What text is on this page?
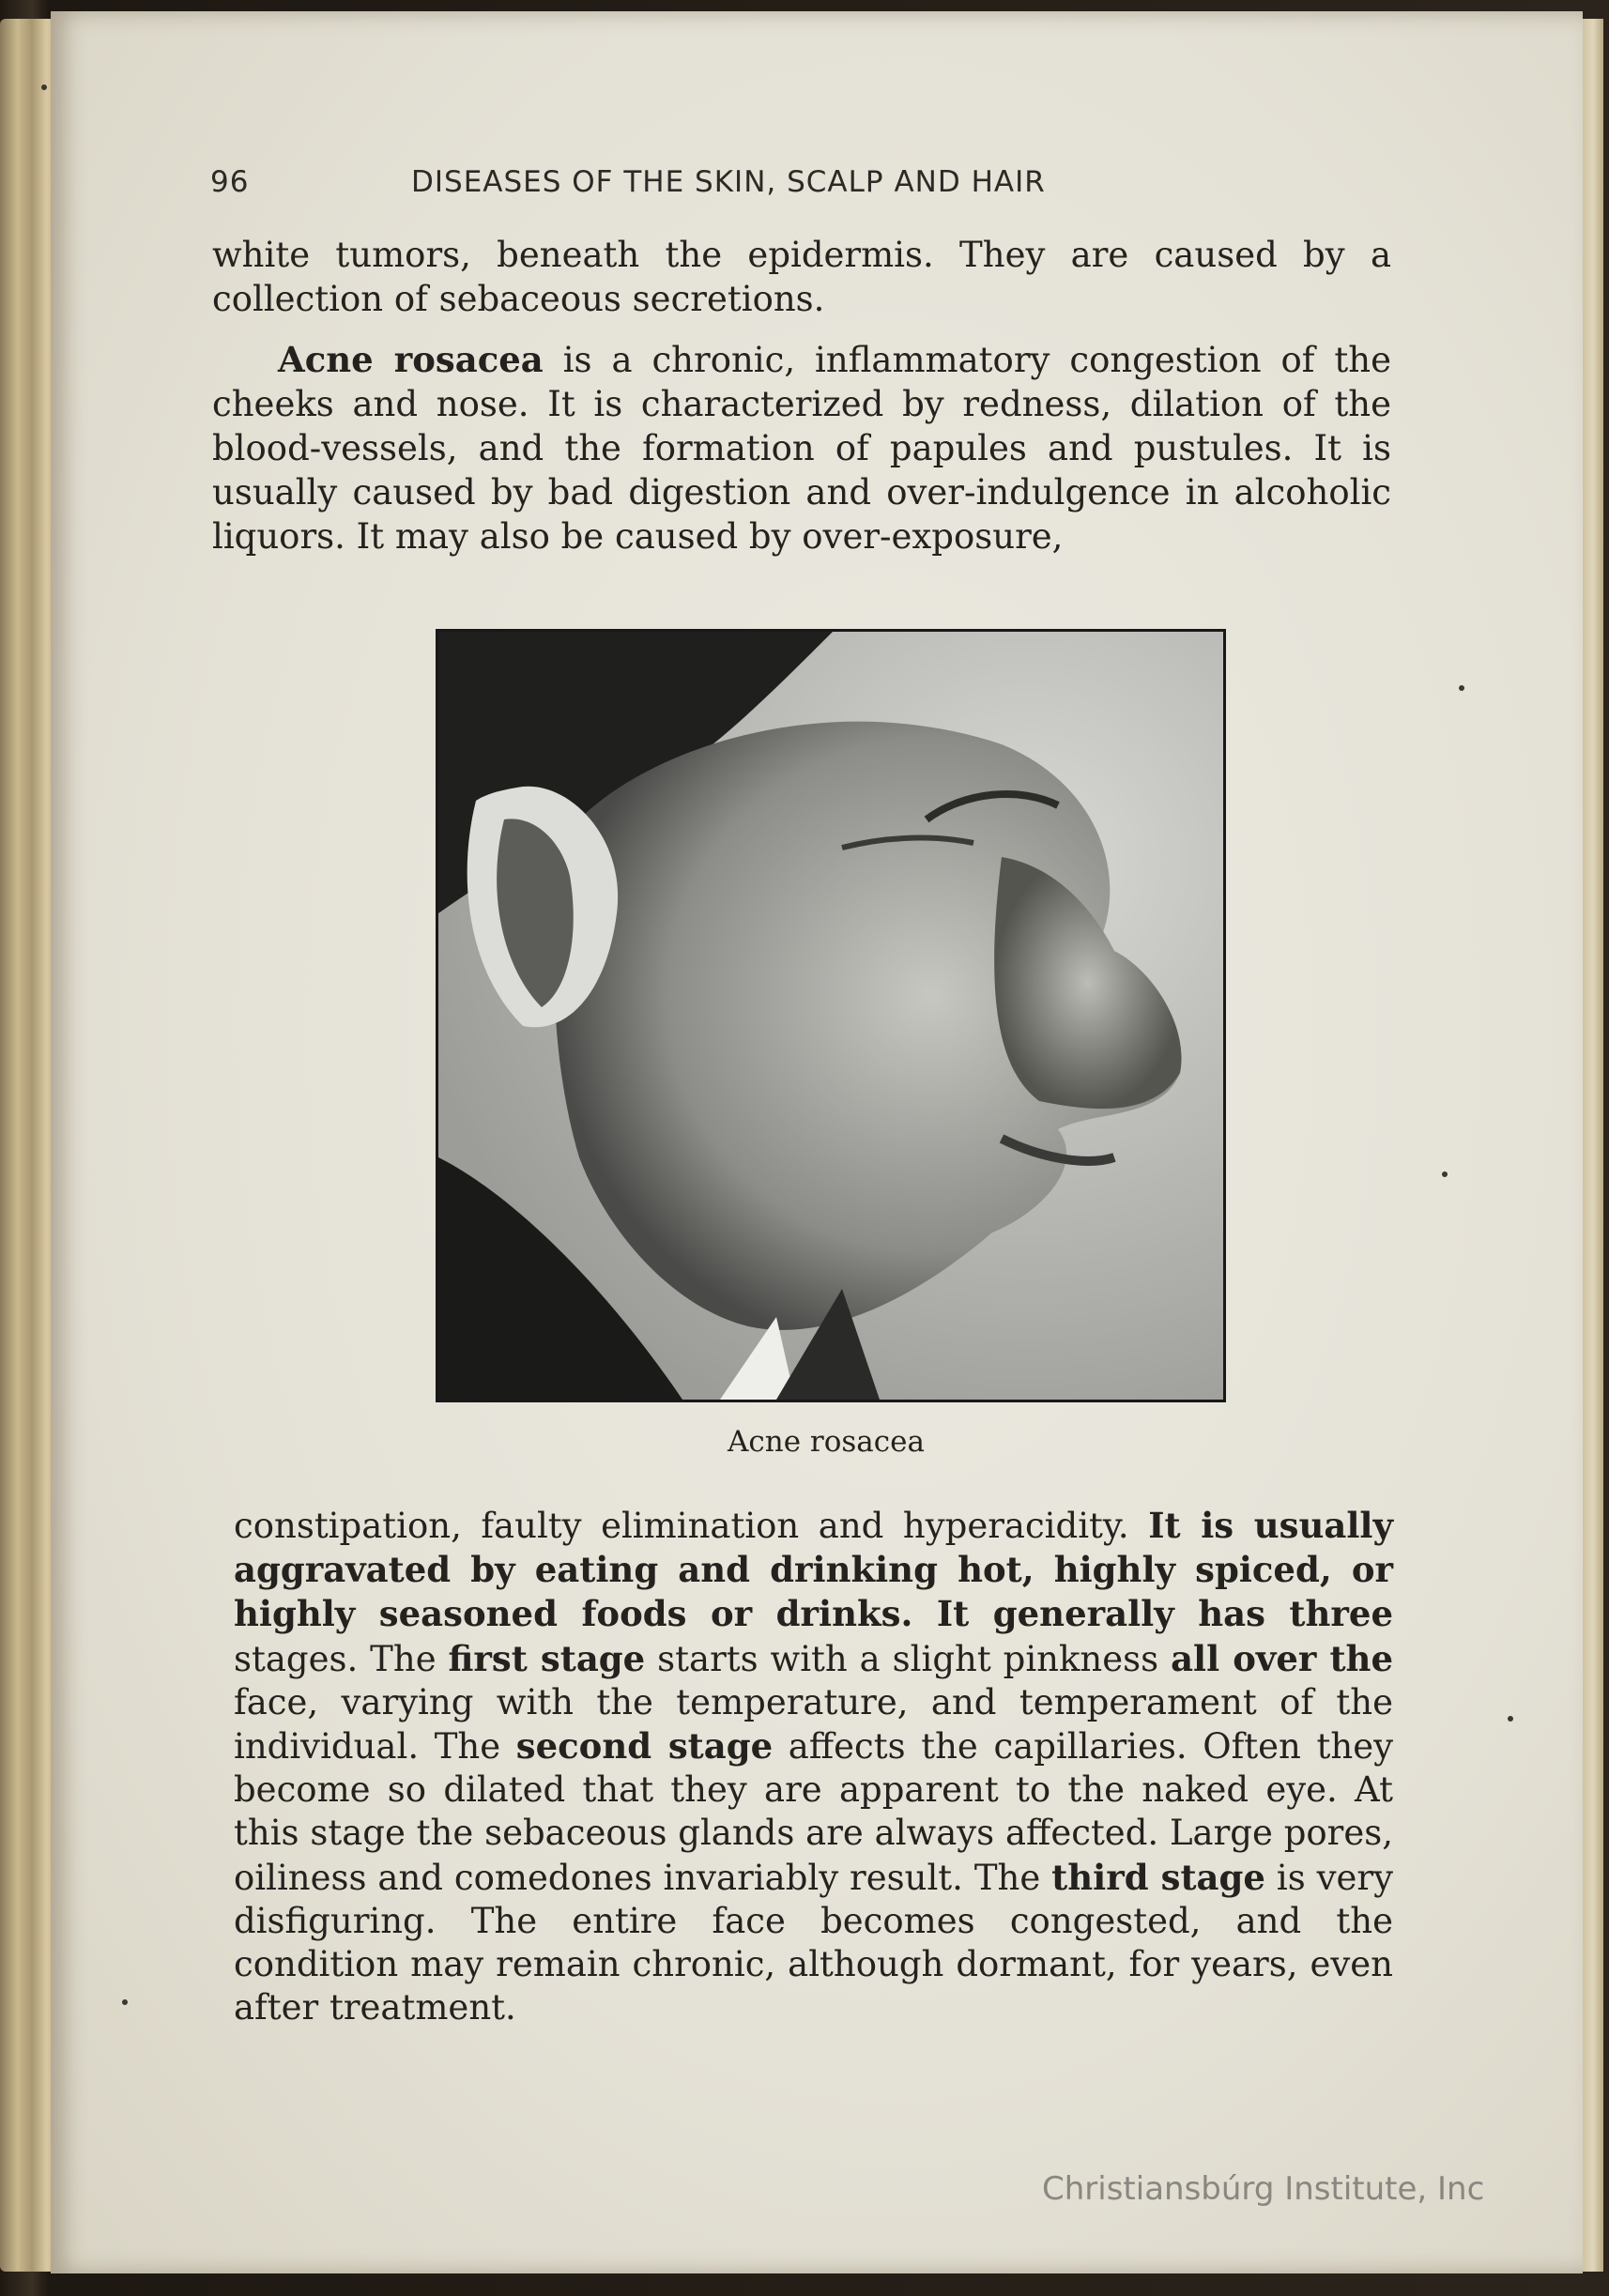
96	DISEASES OF THE SKIN, SCALP AND HAIR

white tumors, beneath the epidermis. They are caused by a collection of sebaceous secretions.

Acne rosacea is a chronic, inflammatory congestion of the cheeks and nose. It is characterized by redness, dilation of the blood-vessels, and the formation of papules and pustules. It is usually caused by bad digestion and over-indulgence in alcoholic liquors. It may also be caused by over-exposure,

Acne rosacea

constipation, faulty elimination and hyperacidity. It is usually aggravated by eating and drinking hot, highly spiced, or highly seasoned foods or drinks. It generally has three stages. The first stage starts with a slight pinkness all over the face, varying with the temperature, and temperament of the individual. The second stage affects the capillaries. Often they become so dilated that they are apparent to the naked eye. At this stage the sebaceous glands are always affected. Large pores, oiliness and comedones invariably result. The third stage is very disfiguring. The entire face becomes congested, and the condition may remain chronic, although dormant, for years, even after treatment.

Christiansbúrg Institute, Inc
